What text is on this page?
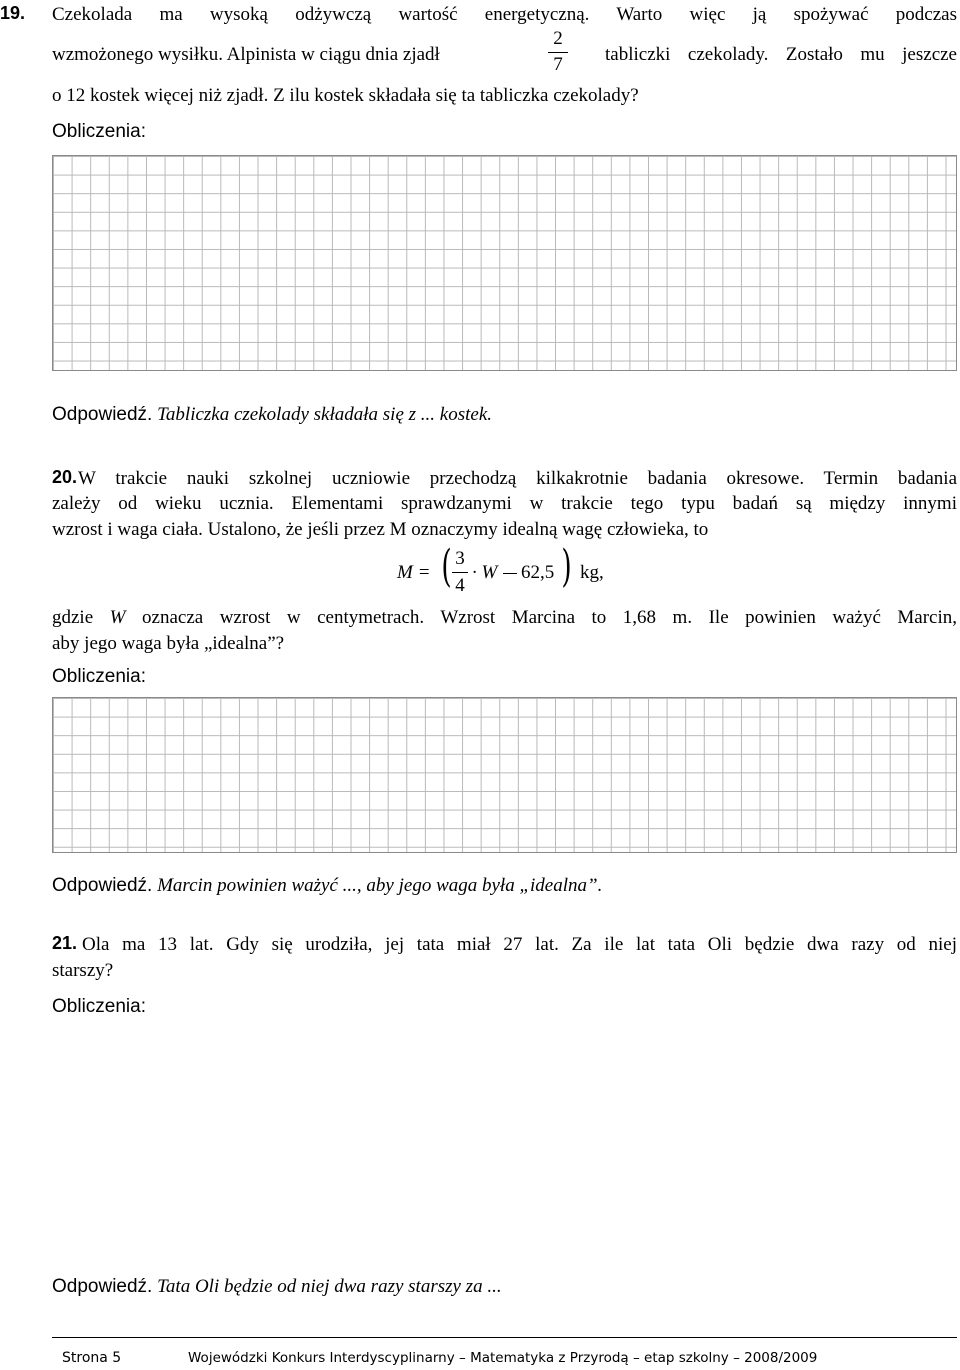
19. Czekolada ma wysoką odżywczą wartość energetyczną. Warto więc ją spożywać podczas
wzmożonego wysiłku. Alpinista w ciągu dnia zjadł
2
7 tabliczki czekolady. Zostało mu jeszcze
o 12 kostek więcej niż zjadł. Z ilu kostek składała się ta tabliczka czekolady?
Obliczenia:
Odpowiedź. Tabliczka czekolady składała się z ... kostek.
20. W trakcie nauki szkolnej uczniowie przechodzą kilkakrotnie badania okresowe. Termin badania
zależy od wieku ucznia. Elementami sprawdzanymi w trakcie tego typu badań są między innymi
wzrost i waga ciała. Ustalono, że jeśli przez M oznaczymy idealną wagę człowieka, to
M = ( 3
4
· W 62,5 ) kg,
gdzie W oznacza wzrost w centymetrach. Wzrost Marcina to 1,68 m. Ile powinien ważyć Marcin,
aby jego waga była „idealna”?
Obliczenia:
Odpowiedź. Marcin powinien ważyć ..., aby jego waga była „idealna”.
21. Ola ma 13 lat. Gdy się urodziła, jej tata miał 27 lat. Za ile lat tata Oli będzie dwa razy od niej
starszy?
Obliczenia:
Odpowiedź. Tata Oli będzie od niej dwa razy starszy za ...
Strona 5	Wojewódzki Konkurs Interdyscyplinarny – Matematyka z Przyrodą – etap szkolny – 2008/2009
